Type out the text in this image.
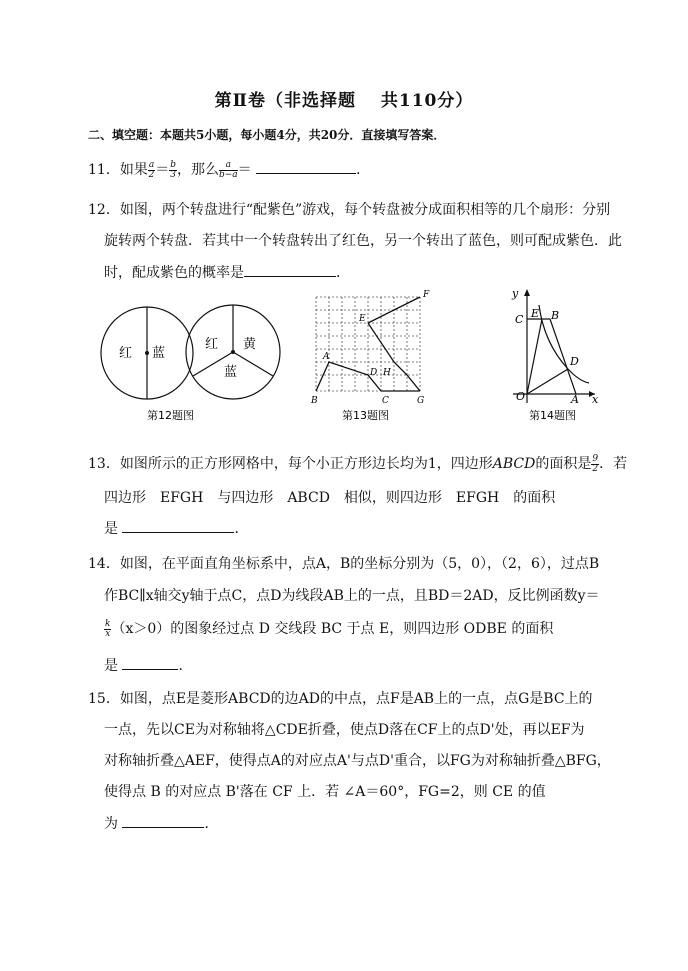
第Ⅱ卷（非选择题　 共110分）
二、填空题：本题共5小题，每小题4分，共20分．直接填写答案．
11．如果 $\frac{a}{2} = \frac{b}{3}$ ，那么 $\frac{a}{b-a}$ ＝	．
12．如图，两个转盘进行“配紫色”游戏，每个转盘被分成面积相等的几个扇形：分别
旋转两个转盘．若其中一个转盘转出了红色，另一个转出了蓝色，则可配成紫色．此
时，配成紫色的概率是	．
红 蓝
红 黄
蓝
第12题图
B
A
D
C
E
F
H
G
第13题图
y
x
O	A
C E B
D
第14题图
13．如图所示的正方形网格中，每个小正方形边长均为1，四边形ABCD的面积是 $\frac{9}{2}$ ．若
四边形　EFGH　与四边形　ABCD　相似，则四边形　EFGH　的面积
是	．
14．如图，在平面直角坐标系中，点A，B的坐标分别为（5，0），（2，6），过点B
作BC∥x轴交y轴于点C，点D为线段AB上的一点，且BD＝2AD，反比例函数y＝
$\frac{k}{x} (x>0)$的图象经过点 D 交线段 BC 于点 E，则四边形 ODBE 的面积
是	．
15．如图，点E是菱形ABCD的边AD的中点，点F是AB上的一点，点G是BC上的
一点，先以CE为对称轴将△CDE折叠，使点D落在CF上的点D'处，再以EF为
对称轴折叠△AEF，使得点A的对应点A'与点D'重合，以FG为对称轴折叠△BFG，
使得点 B 的对应点 B'落在 CF 上．若 ∠A＝60°，FG=2，则 CE 的值
为	．
